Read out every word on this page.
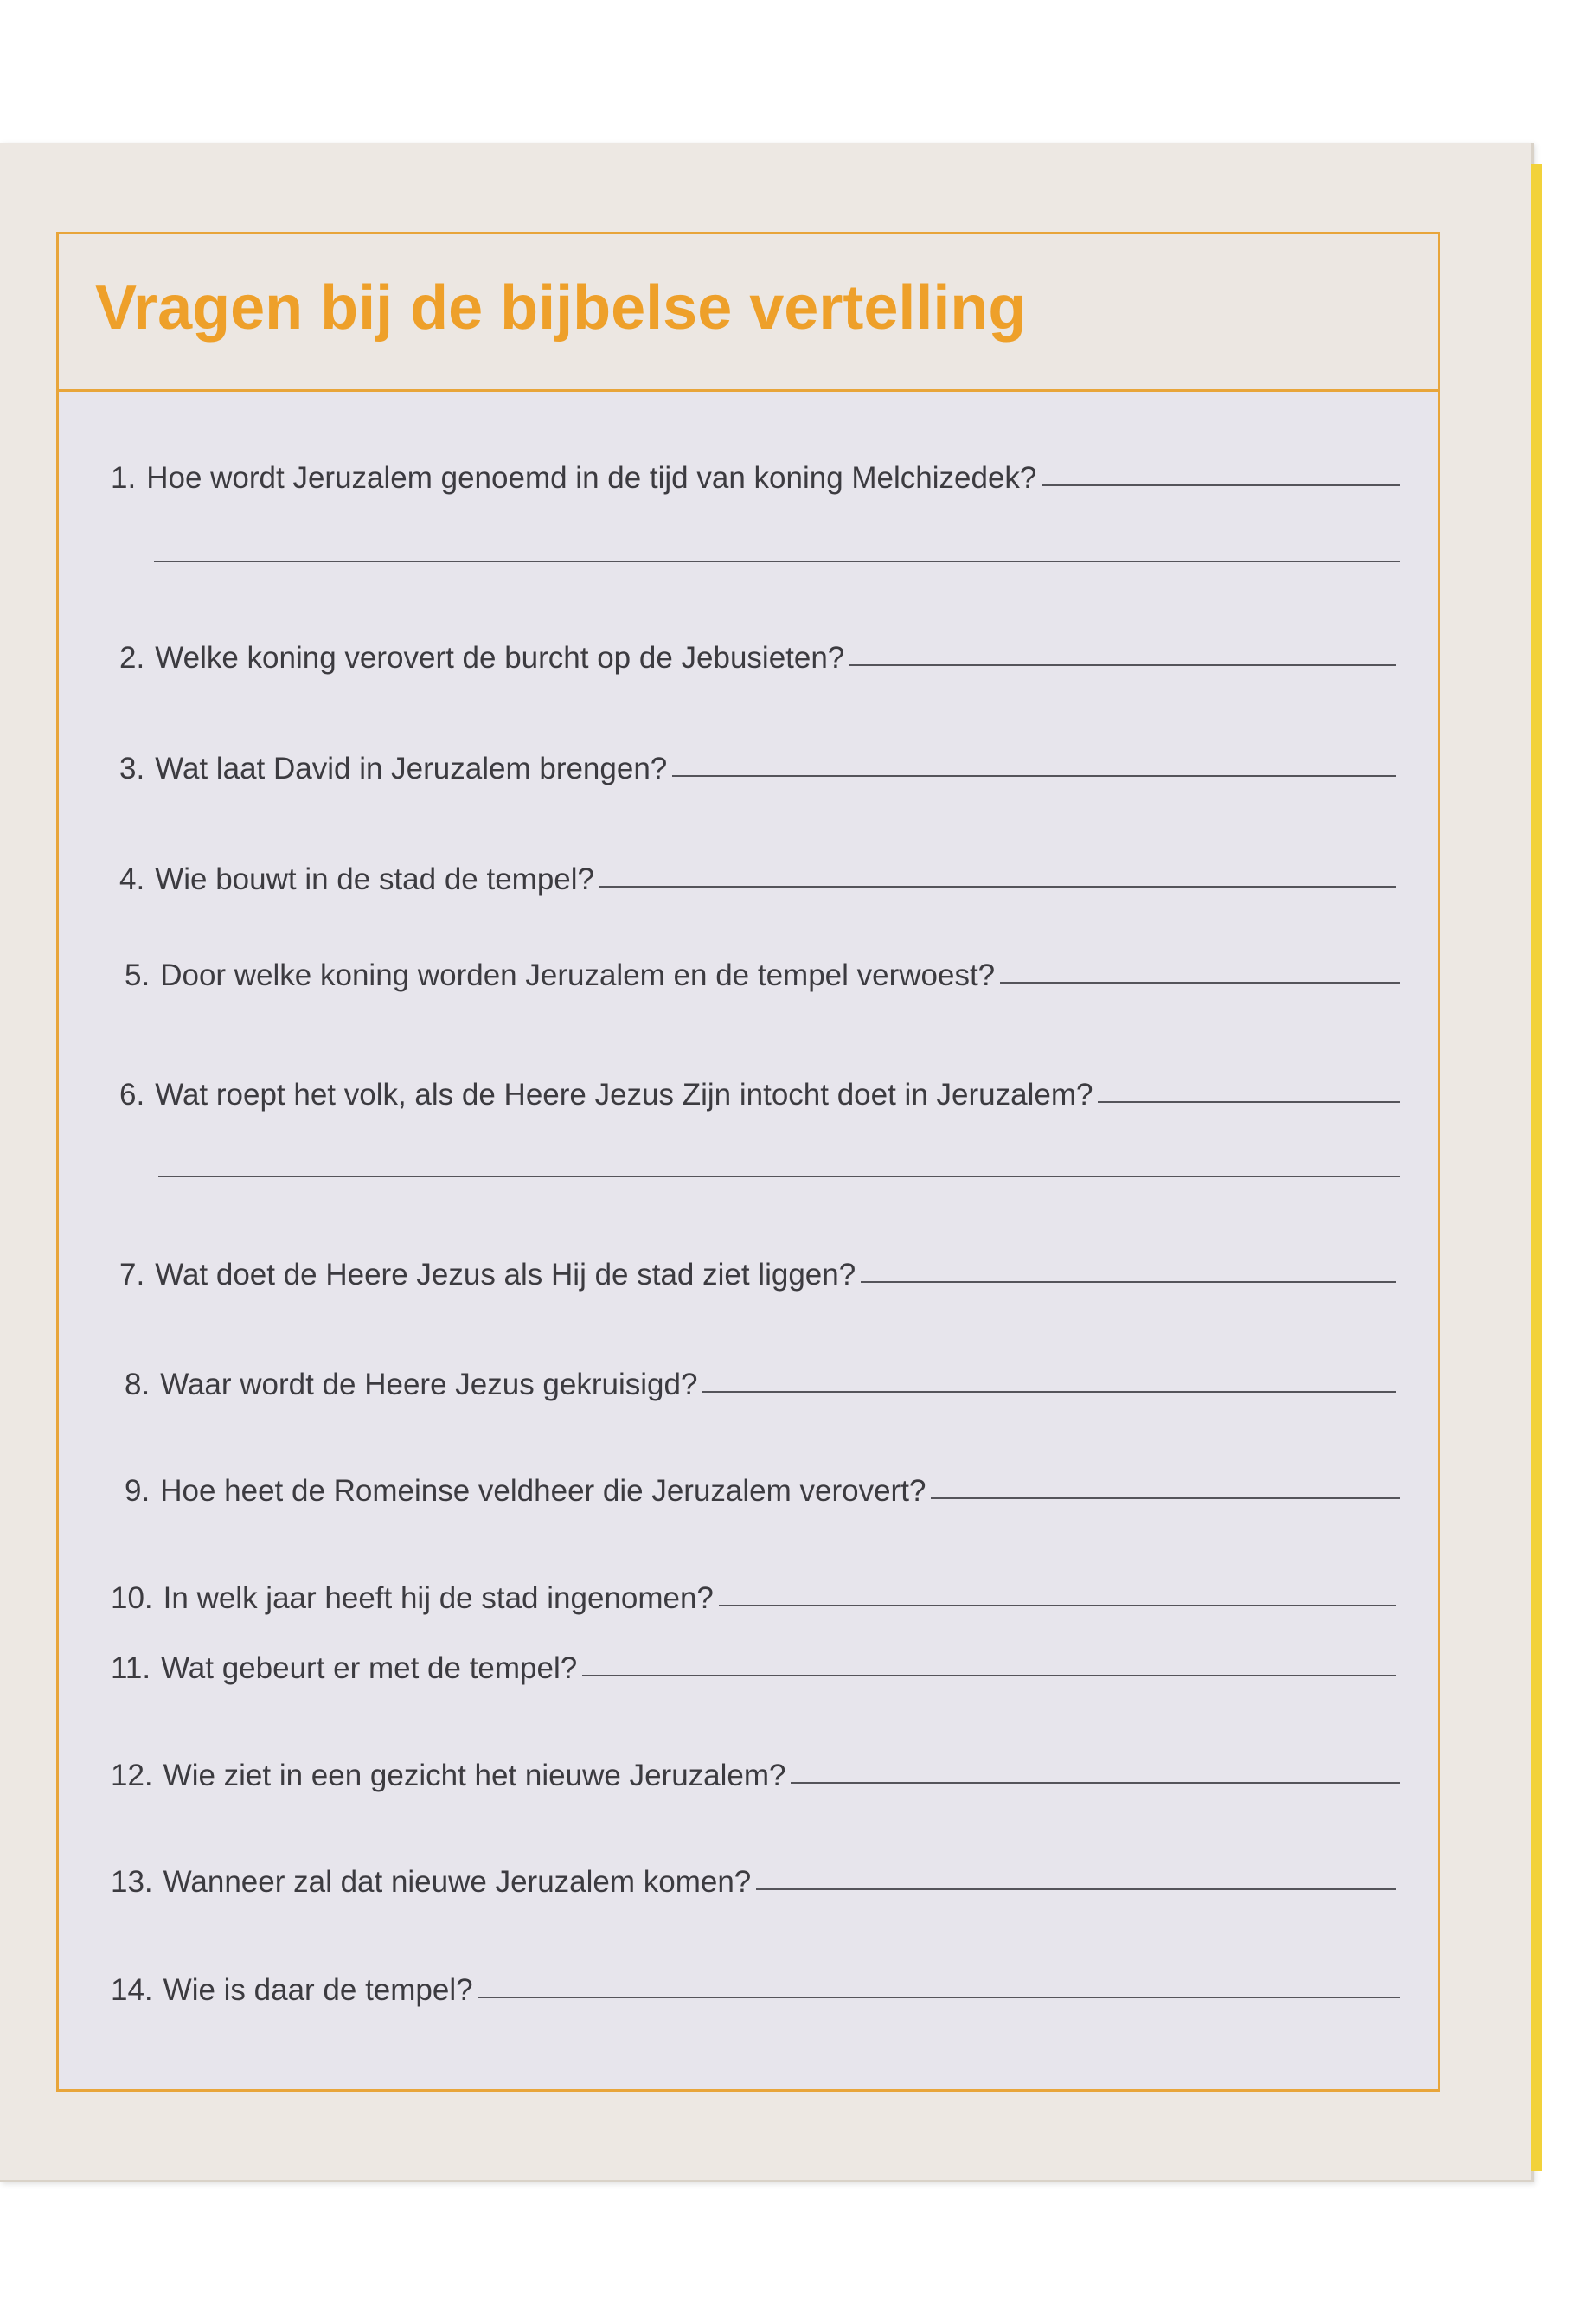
Vragen bij de bijbelse vertelling
1. Hoe wordt Jeruzalem genoemd in de tijd van koning Melchizedek?
2. Welke koning verovert de burcht op de Jebusieten?
3. Wat laat David in Jeruzalem brengen?
4. Wie bouwt in de stad de tempel?
5. Door welke koning worden Jeruzalem en de tempel verwoest?
6. Wat roept het volk, als de Heere Jezus Zijn intocht doet in Jeruzalem?
7. Wat doet de Heere Jezus als Hij de stad ziet liggen?
8. Waar wordt de Heere Jezus gekruisigd?
9. Hoe heet de Romeinse veldheer die Jeruzalem verovert?
10. In welk jaar heeft hij de stad ingenomen?
11. Wat gebeurt er met de tempel?
12. Wie ziet in een gezicht het nieuwe Jeruzalem?
13. Wanneer zal dat nieuwe Jeruzalem komen?
14. Wie is daar de tempel?
